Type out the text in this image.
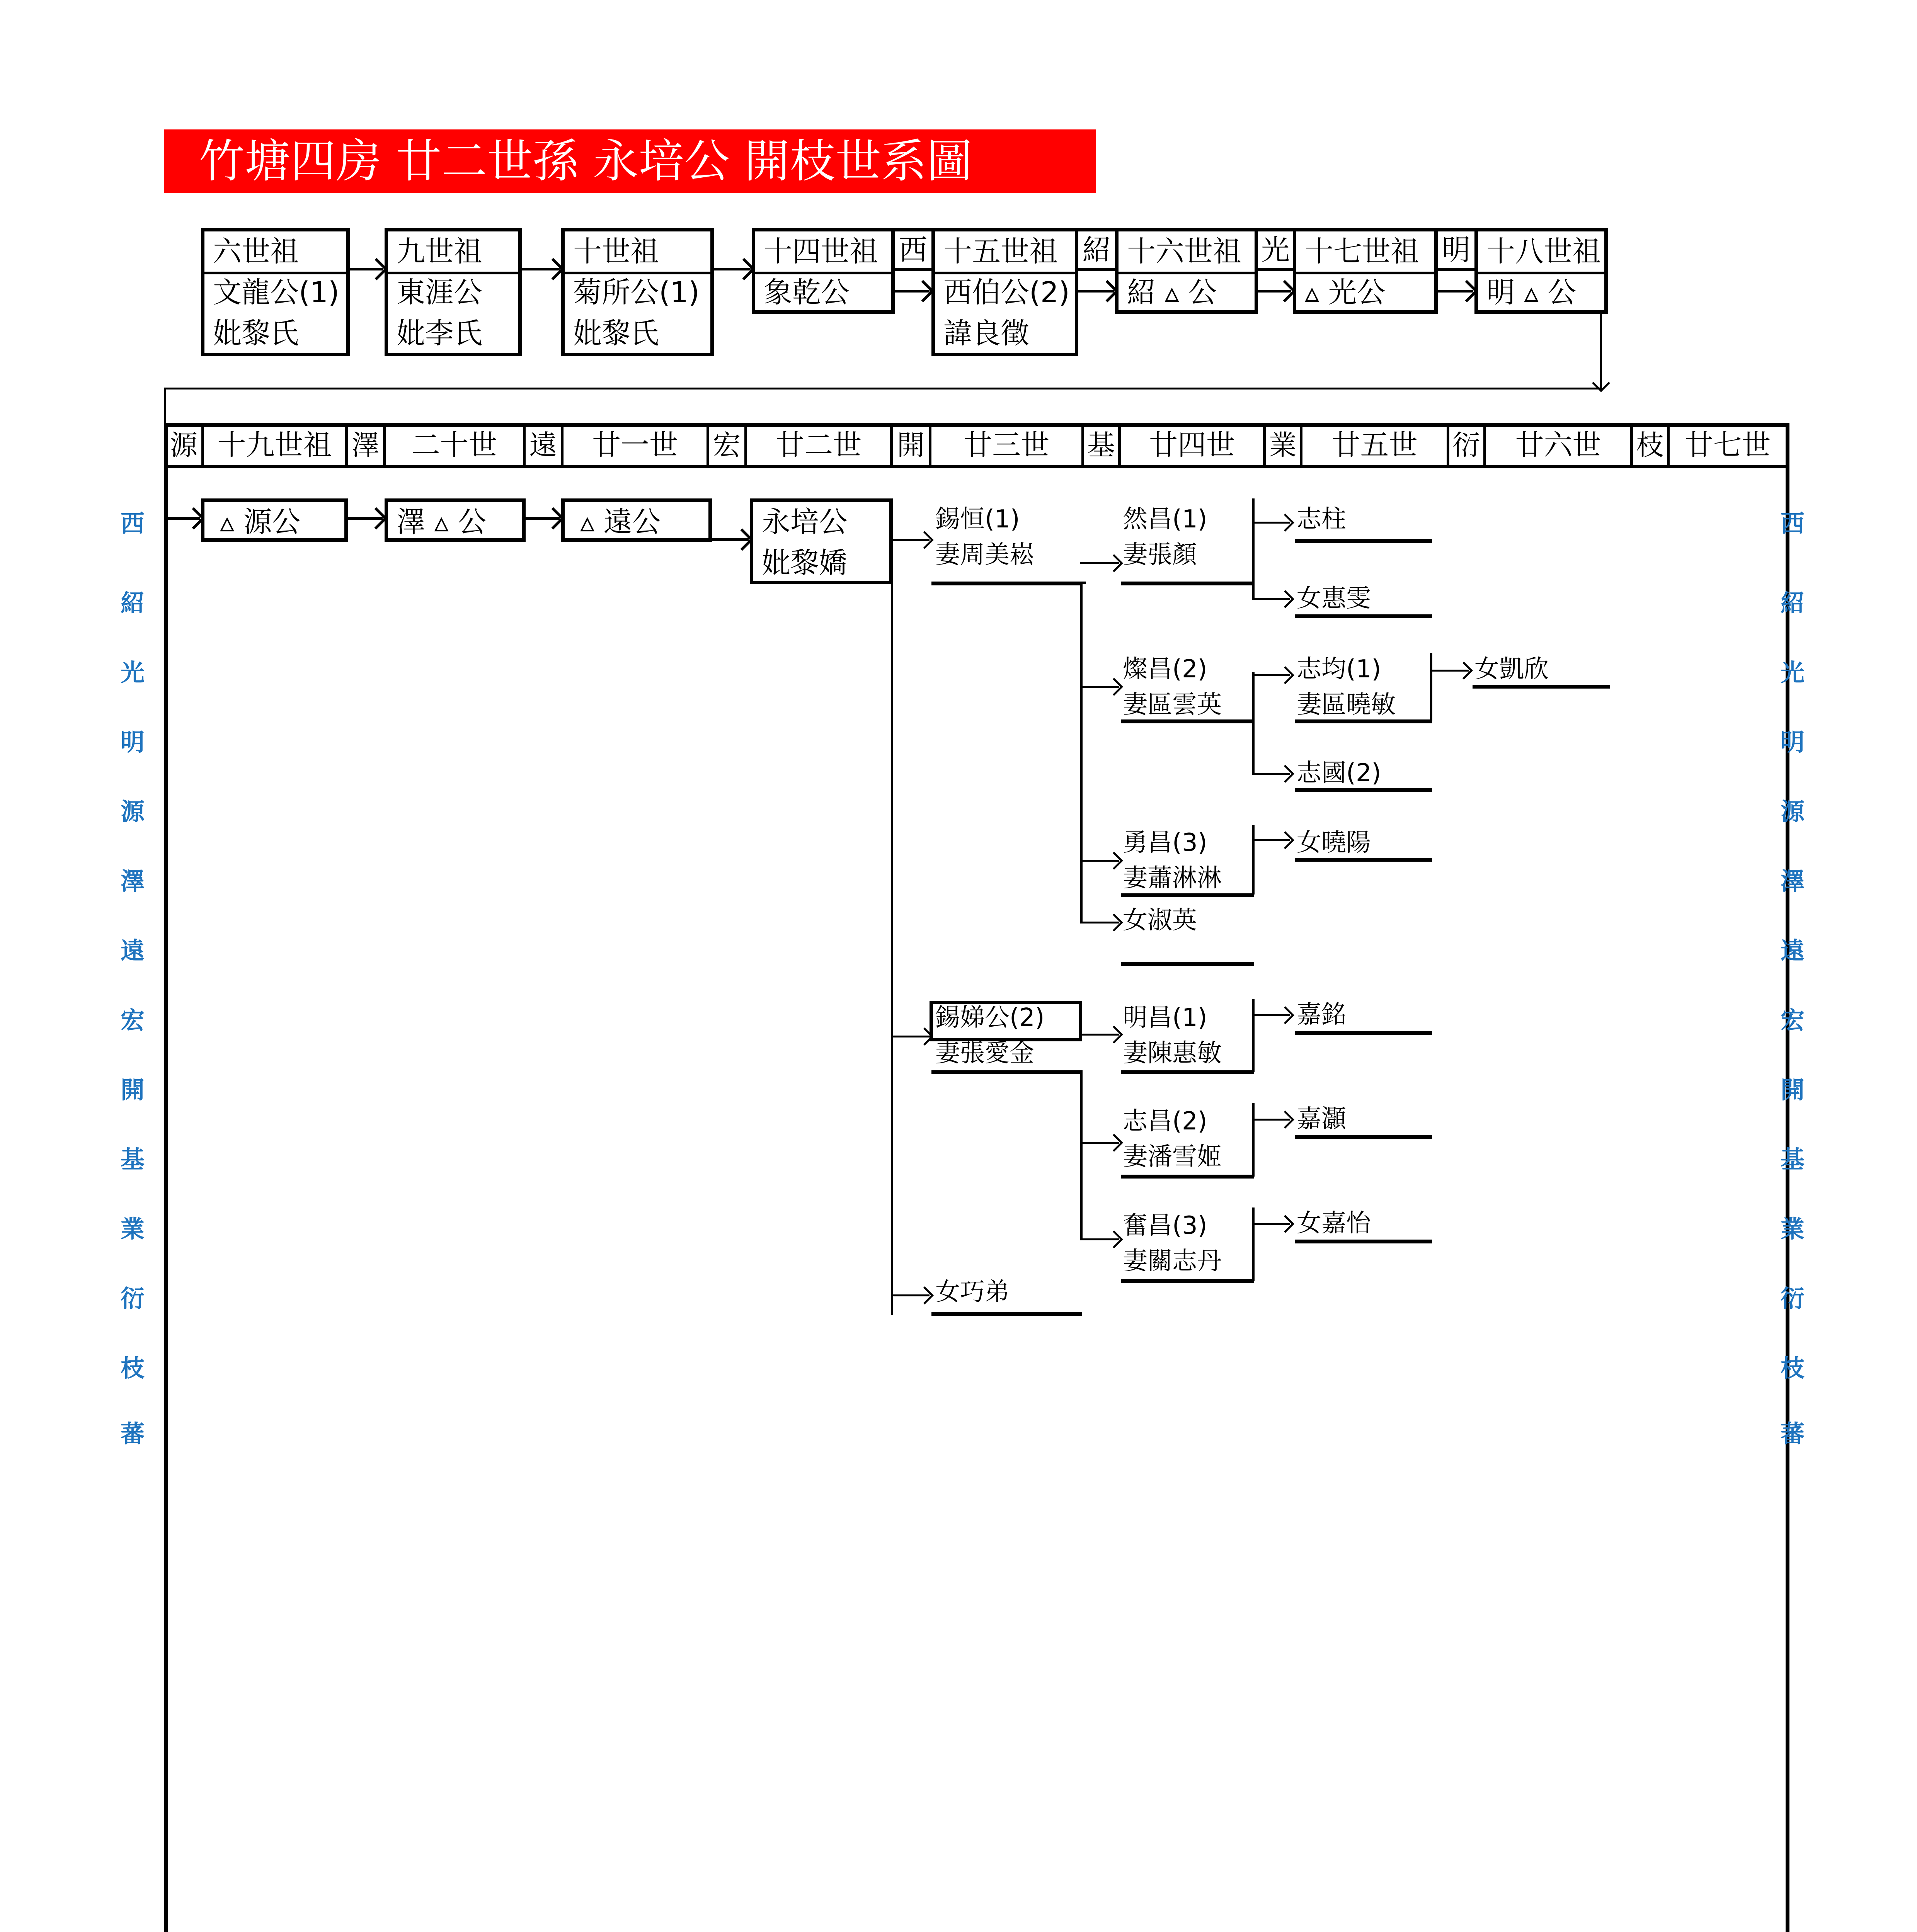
竹塘四房 廿二世孫 永培公 開枝世系圖
六世祖
文龍公(1)
妣黎氏
九世祖
東涯公
妣李氏
十世祖
菊所公(1)
妣黎氏
十四世祖
象乾公
西 十五世祖
西伯公(2)
諱良徵
紹 十六世祖
紹 ▵ 公
光 十七世祖
▵ 光公
明 十八世祖
明 ▵ 公
源 十九世祖 澤	二十世	遠	廿一世	宏	廿二世	開	廿三世	基	廿四世	業	廿五世	衍	廿六世	枝 廿七世
▵ 源公	澤 ▵ 公	▵ 遠公	永培公
妣黎嬌
錫恒(1)
妻周美崧
錫娣公(2)
妻張愛金
女巧弟
然昌(1)
妻張顏
燦昌(2)
妻區雲英
勇昌(3)
妻蕭淋淋
女淑英
明昌(1)
妻陳惠敏
志昌(2)
妻潘雪姬
奮昌(3)
妻關志丹
志柱
女惠雯
志均(1)
妻區曉敏
志國(2)
女曉陽
嘉銘
嘉灝
女嘉怡
女凱欣
西
紹
光
明
源
澤
遠
宏
開
基
業
衍
枝
蕃
西
紹
光
明
源
澤
遠
宏
開
基
業
衍
枝
蕃
